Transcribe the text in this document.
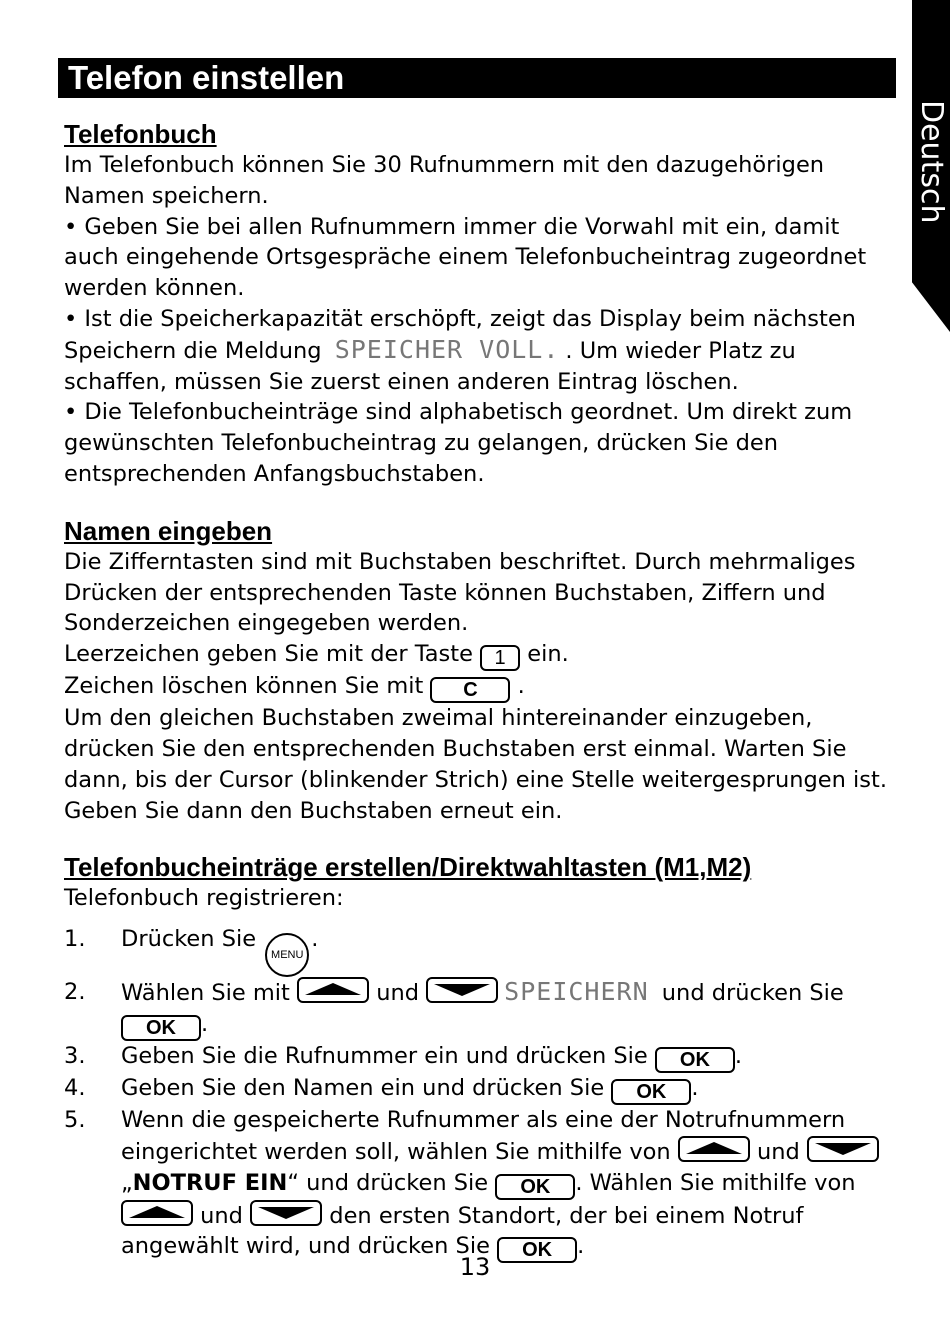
Deutsch
Telefon einstellen
Telefonbuch

Im Telefonbuch können Sie 30 Rufnummern mit den dazugehörigen Namen speichern.

• Geben Sie bei allen Rufnummern immer die Vorwahl mit ein, damit auch eingehende Ortsgespräche einem Telefonbucheintrag zugeordnet werden können.

• Ist die Speicherkapazität erschöpft, zeigt das Display beim nächsten Speichern die Meldung SPEICHER VOLL. . Um wieder Platz zu schaffen, müssen Sie zuerst einen anderen Eintrag löschen.

• Die Telefonbucheinträge sind alphabetisch geordnet. Um direkt zum gewünschten Telefonbucheintrag zu gelangen, drücken Sie den entsprechenden Anfangsbuchstaben.

Namen eingeben

Die Zifferntasten sind mit Buchstaben beschriftet. Durch mehrmaliges Drücken der entsprechenden Taste können Buchstaben, Ziffern und Sonderzeichen eingegeben werden.

Leerzeichen geben Sie mit der Taste 1 ein.

Zeichen löschen können Sie mit C .

Um den gleichen Buchstaben zweimal hintereinander einzugeben, drücken Sie den entsprechenden Buchstaben erst einmal. Warten Sie dann, bis der Cursor (blinkender Strich) eine Stelle weitergesprungen ist. Geben Sie dann den Buchstaben erneut ein.

Telefonbucheinträge erstellen/Direktwahltasten (M1,M2)

Telefonbuch registrieren:

1. Drücken Sie MENU.
2. Wählen Sie mit	und	SPEICHERN und drücken Sie
OK .
3. Geben Sie die Rufnummer ein und drücken Sie OK .
4. Geben Sie den Namen ein und drücken Sie OK .
5. Wenn die gespeicherte Rufnummer als eine der Notrufnummern eingerichtet werden soll, wählen Sie mithilfe von	und

„NOTRUF EIN“ und drücken Sie OK . Wählen Sie mithilfe von
und	den ersten Standort, der bei einem Notruf angewählt wird, und drücken Sie OK .
13
